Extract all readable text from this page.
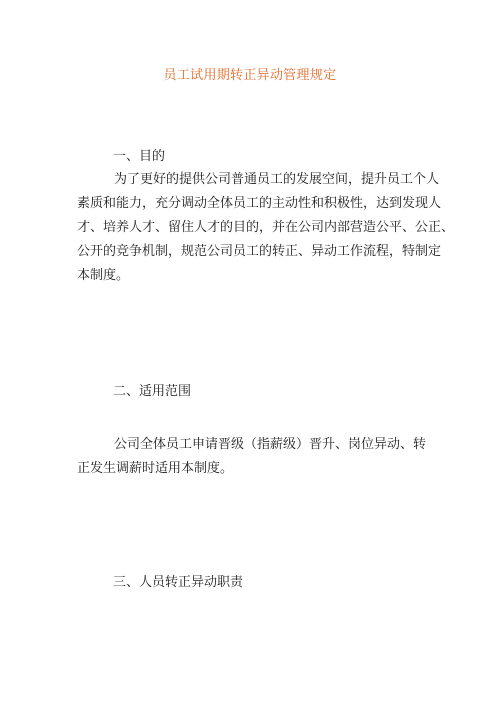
员工试用期转正异动管理规定
一、目的

为了更好的提供公司普通员工的发展空间，提升员工个人
素质和能力，充分调动全体员工的主动性和积极性，达到发现人
才、培养人才、留住人才的目的，并在公司内部营造公平、公正、
公开的竞争机制，规范公司员工的转正、异动工作流程，特制定
本制度。

二、适用范围

公司全体员工申请晋级（指薪级）晋升、岗位异动、转
正发生调薪时适用本制度。

三、人员转正异动职责
